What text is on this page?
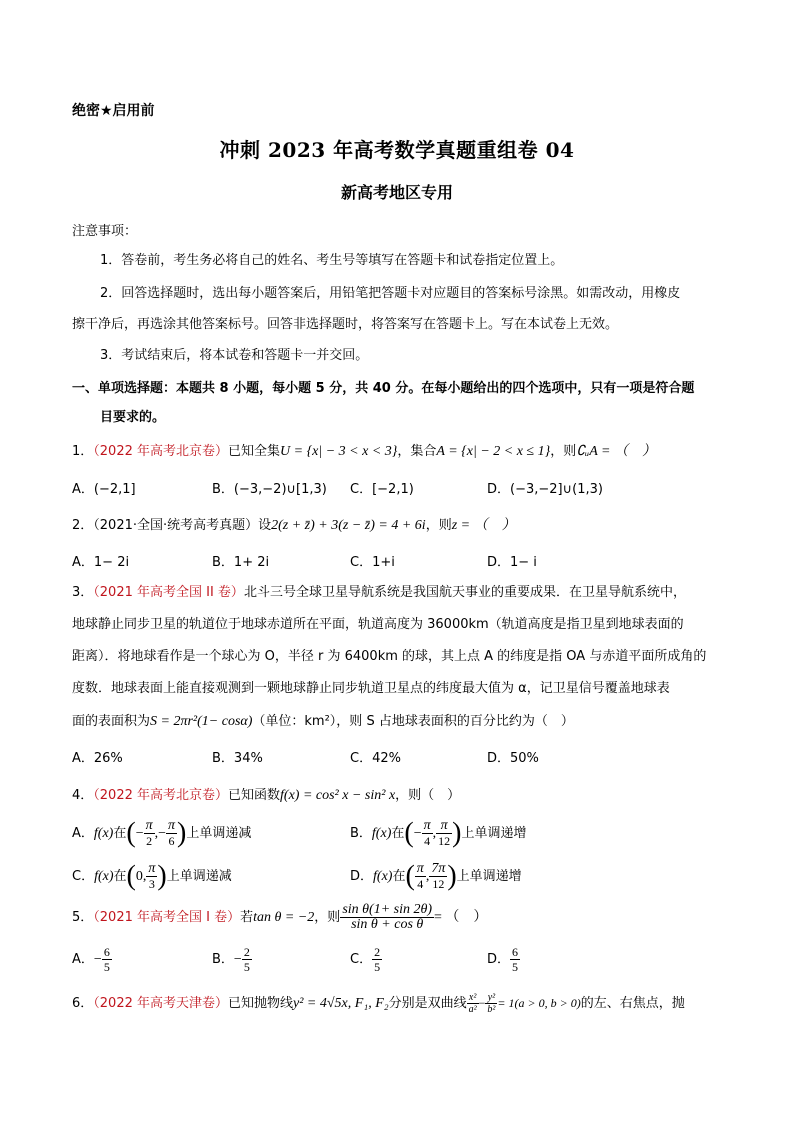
绝密★启用前
冲刺 2023 年高考数学真题重组卷 04
新高考地区专用
注意事项：
1．答卷前，考生务必将自己的姓名、考生号等填写在答题卡和试卷指定位置上。
2．回答选择题时，选出每小题答案后，用铅笔把答题卡对应题目的答案标号涂黑。如需改动，用橡皮
擦干净后，再选涂其他答案标号。回答非选择题时，将答案写在答题卡上。写在本试卷上无效。
3．考试结束后，将本试卷和答题卡一并交回。
一、单项选择题：本题共 8 小题，每小题 5 分，共 40 分。在每小题给出的四个选项中，只有一项是符合题
目要求的。
1．（2022 年高考北京卷）已知全集U = {x| − 3 < x < 3}，集合A = {x| − 2 < x ≤ 1}，则∁ᵤA = （　）
A．(−2,1]	B．(−3,−2)∪[1,3) C．[−2,1)	D．(−3,−2]∪(1,3)
2．（2021·全国·统考高考真题）设2(z + z̄) + 3(z − z̄) = 4 + 6i，则z = （　）
A．1− 2i	B．1+ 2i	C．1+i	D．1− i
3．（2021 年高考全国 II 卷）北斗三号全球卫星导航系统是我国航天事业的重要成果．在卫星导航系统中，
地球静止同步卫星的轨道位于地球赤道所在平面，轨道高度为 36000km（轨道高度是指卫星到地球表面的
距离）．将地球看作是一个球心为 O，半径 r 为 6400km 的球，其上点 A 的纬度是指 OA 与赤道平面所成角的
度数．地球表面上能直接观测到一颗地球静止同步轨道卫星点的纬度最大值为 α，记卫星信号覆盖地球表
面的表面积为S = 2πr²(1− cosα)（单位：km²），则 S 占地球表面积的百分比约为（　）
A．26%	B．34%	C．42%	D．50%
4．（2022 年高考北京卷）已知函数f(x) = cos² x − sin² x，则（　）
A．f(x)在(− $\frac{\pi}{2}$ ,− $\frac{\pi}{6}$ )上单调递减	B．f(x)在(− $\frac{\pi}{4}$ , $\frac{\pi}{12}$ )上单调递增
C．f(x)在(0, $\frac{\pi}{3}$ )上单调递减	D．f(x)在( $\frac{\pi}{4}$ , $\frac{7\pi}{12}$ )上单调递增
5．（2021 年高考全国 I 卷）若tan θ = −2，则 $\frac{\text{sin θ(1+ sin 2θ)}}{\text{sin θ + cos θ}}$ = （　）
A．− $\frac{6}{5}$	B．− $\frac{2}{5}$	C． $\frac{2}{5}$	D． $\frac{6}{5}$
6．（2022 年高考天津卷）已知抛物线y² = 4√5x, F₁, F₂分别是双曲线 $\frac{\text{x²}}{\text{a²}} - \frac{\text{y²}}{\text{b²}} = 1(a > 0$, b > 0)的左、右焦点，抛
